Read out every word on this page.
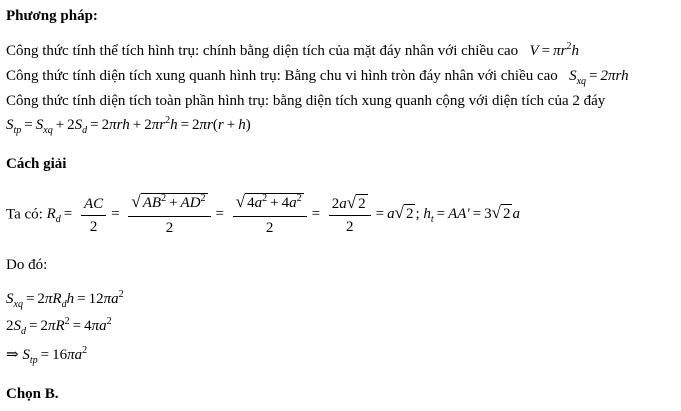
Phương pháp:
Công thức tính thể tích hình trụ: chính bằng diện tích của mặt đáy nhân với chiều cao   $V = \pi r^2h$
Công thức tính diện tích xung quanh hình trụ: Bằng chu vi hình tròn đáy nhân với chiều cao   $S_{xq} = 2\pi rh$
Công thức tính diện tích toàn phần hình trụ: bằng diện tích xung quanh cộng với diện tích của 2 đáy
$S_{tp} = S_{xq} + 2S_d = 2\pi rh + 2\pi r^2h = 2\pi r(r + h)$
Cách giải
Ta có: $R_d = \frac{AC}{2} = \frac{√ AB^2 + AD^2}{2} = \frac{√ 4a^2 + 4a^2}{2} = \frac{2a √ 2}{2} = a$ √ 2 ; $h_t = AA' = 3$ √ 2 a
Do đó:
$S_{xq} = 2\pi R_dh = 12\pi a^2$
$2S_d = 2\pi R^2 = 4\pi a^2$
⇒ $S_{tp} = 16\pi a^2$
Chọn B.
